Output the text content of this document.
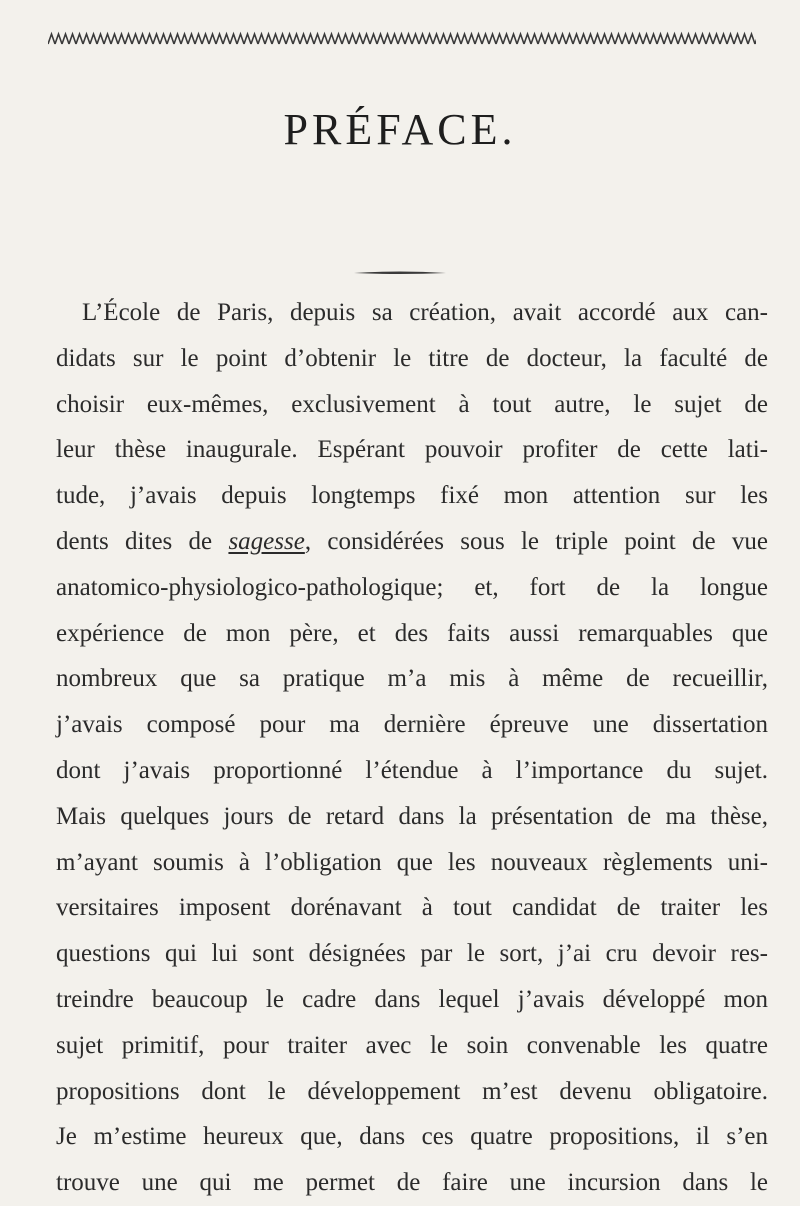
PRÉFACE.
L’École de Paris, depuis sa création, avait accordé aux can-
didats sur le point d’obtenir le titre de docteur, la faculté de
choisir eux-mêmes, exclusivement à tout autre, le sujet de
leur thèse inaugurale. Espérant pouvoir profiter de cette lati-
tude, j’avais depuis longtemps fixé mon attention sur les
dents dites de sagesse, considérées sous le triple point de vue
anatomico-physiologico-pathologique; et, fort de la longue
expérience de mon père, et des faits aussi remarquables que
nombreux que sa pratique m’a mis à même de recueillir,
j’avais composé pour ma dernière épreuve une dissertation
dont j’avais proportionné l’étendue à l’importance du sujet.
Mais quelques jours de retard dans la présentation de ma thèse,
m’ayant soumis à l’obligation que les nouveaux règlements uni-
versitaires imposent dorénavant à tout candidat de traiter les
questions qui lui sont désignées par le sort, j’ai cru devoir res-
treindre beaucoup le cadre dans lequel j’avais développé mon
sujet primitif, pour traiter avec le soin convenable les quatre
propositions dont le développement m’est devenu obligatoire.
Je m’estime heureux que, dans ces quatre propositions, il s’en
trouve une qui me permet de faire une incursion dans le
